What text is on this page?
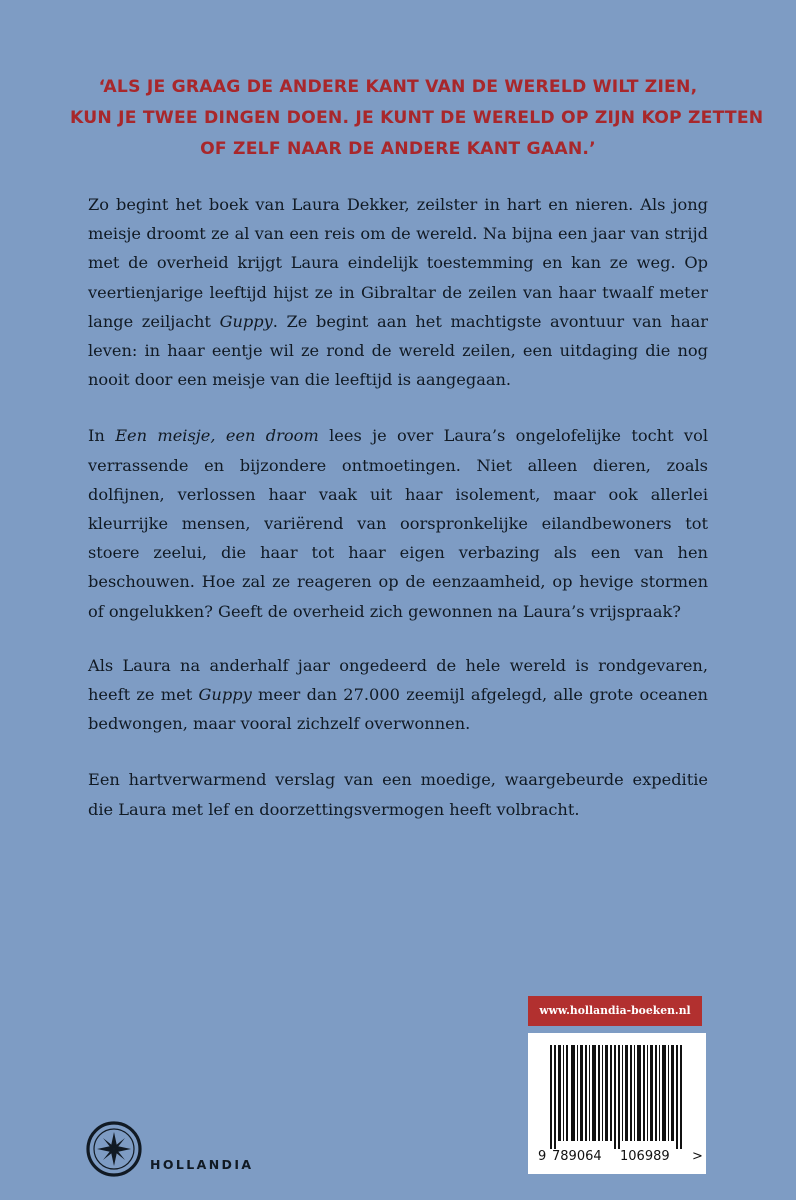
‘ALS JE GRAAG DE ANDERE KANT VAN DE WERELD WILT ZIEN,
KUN JE TWEE DINGEN DOEN. JE KUNT DE WERELD OP ZIJN KOP ZETTEN
OF ZELF NAAR DE ANDERE KANT GAAN.’

Zo begint het boek van Laura Dekker, zeilster in hart en nieren. Als jong meisje droomt ze al van een reis om de wereld. Na bijna een jaar van strijd met de overheid krijgt Laura eindelijk toestemming en kan ze weg. Op veertienjarige leeftijd hijst ze in Gibraltar de zeilen van haar twaalf meter lange zeiljacht Guppy. Ze begint aan het machtigste avontuur van haar leven: in haar eentje wil ze rond de wereld zeilen, een uitdaging die nog nooit door een meisje van die leeftijd is aangegaan.

In Een meisje, een droom lees je over Laura’s ongelofelijke tocht vol verrassende en bijzondere ontmoetingen. Niet alleen dieren, zoals dolfijnen, verlossen haar vaak uit haar isolement, maar ook allerlei kleurrijke mensen, variërend van oorspronkelijke eilandbewoners tot stoere zeelui, die haar tot haar eigen verbazing als een van hen beschouwen. Hoe zal ze reageren op de eenzaamheid, op hevige stormen of ongelukken? Geeft de overheid zich gewonnen na Laura’s vrijspraak?

Als Laura na anderhalf jaar ongedeerd de hele wereld is rondgevaren, heeft ze met Guppy meer dan 27.000 zeemijl afgelegd, alle grote oceanen bedwongen, maar vooral zichzelf overwonnen.

Een hartverwarmend verslag van een moedige, waargebeurde expeditie die Laura met lef en doorzettingsvermogen heeft volbracht.

www.hollandia-boeken.nl
9 789064 106989 >
HOLLANDIA
